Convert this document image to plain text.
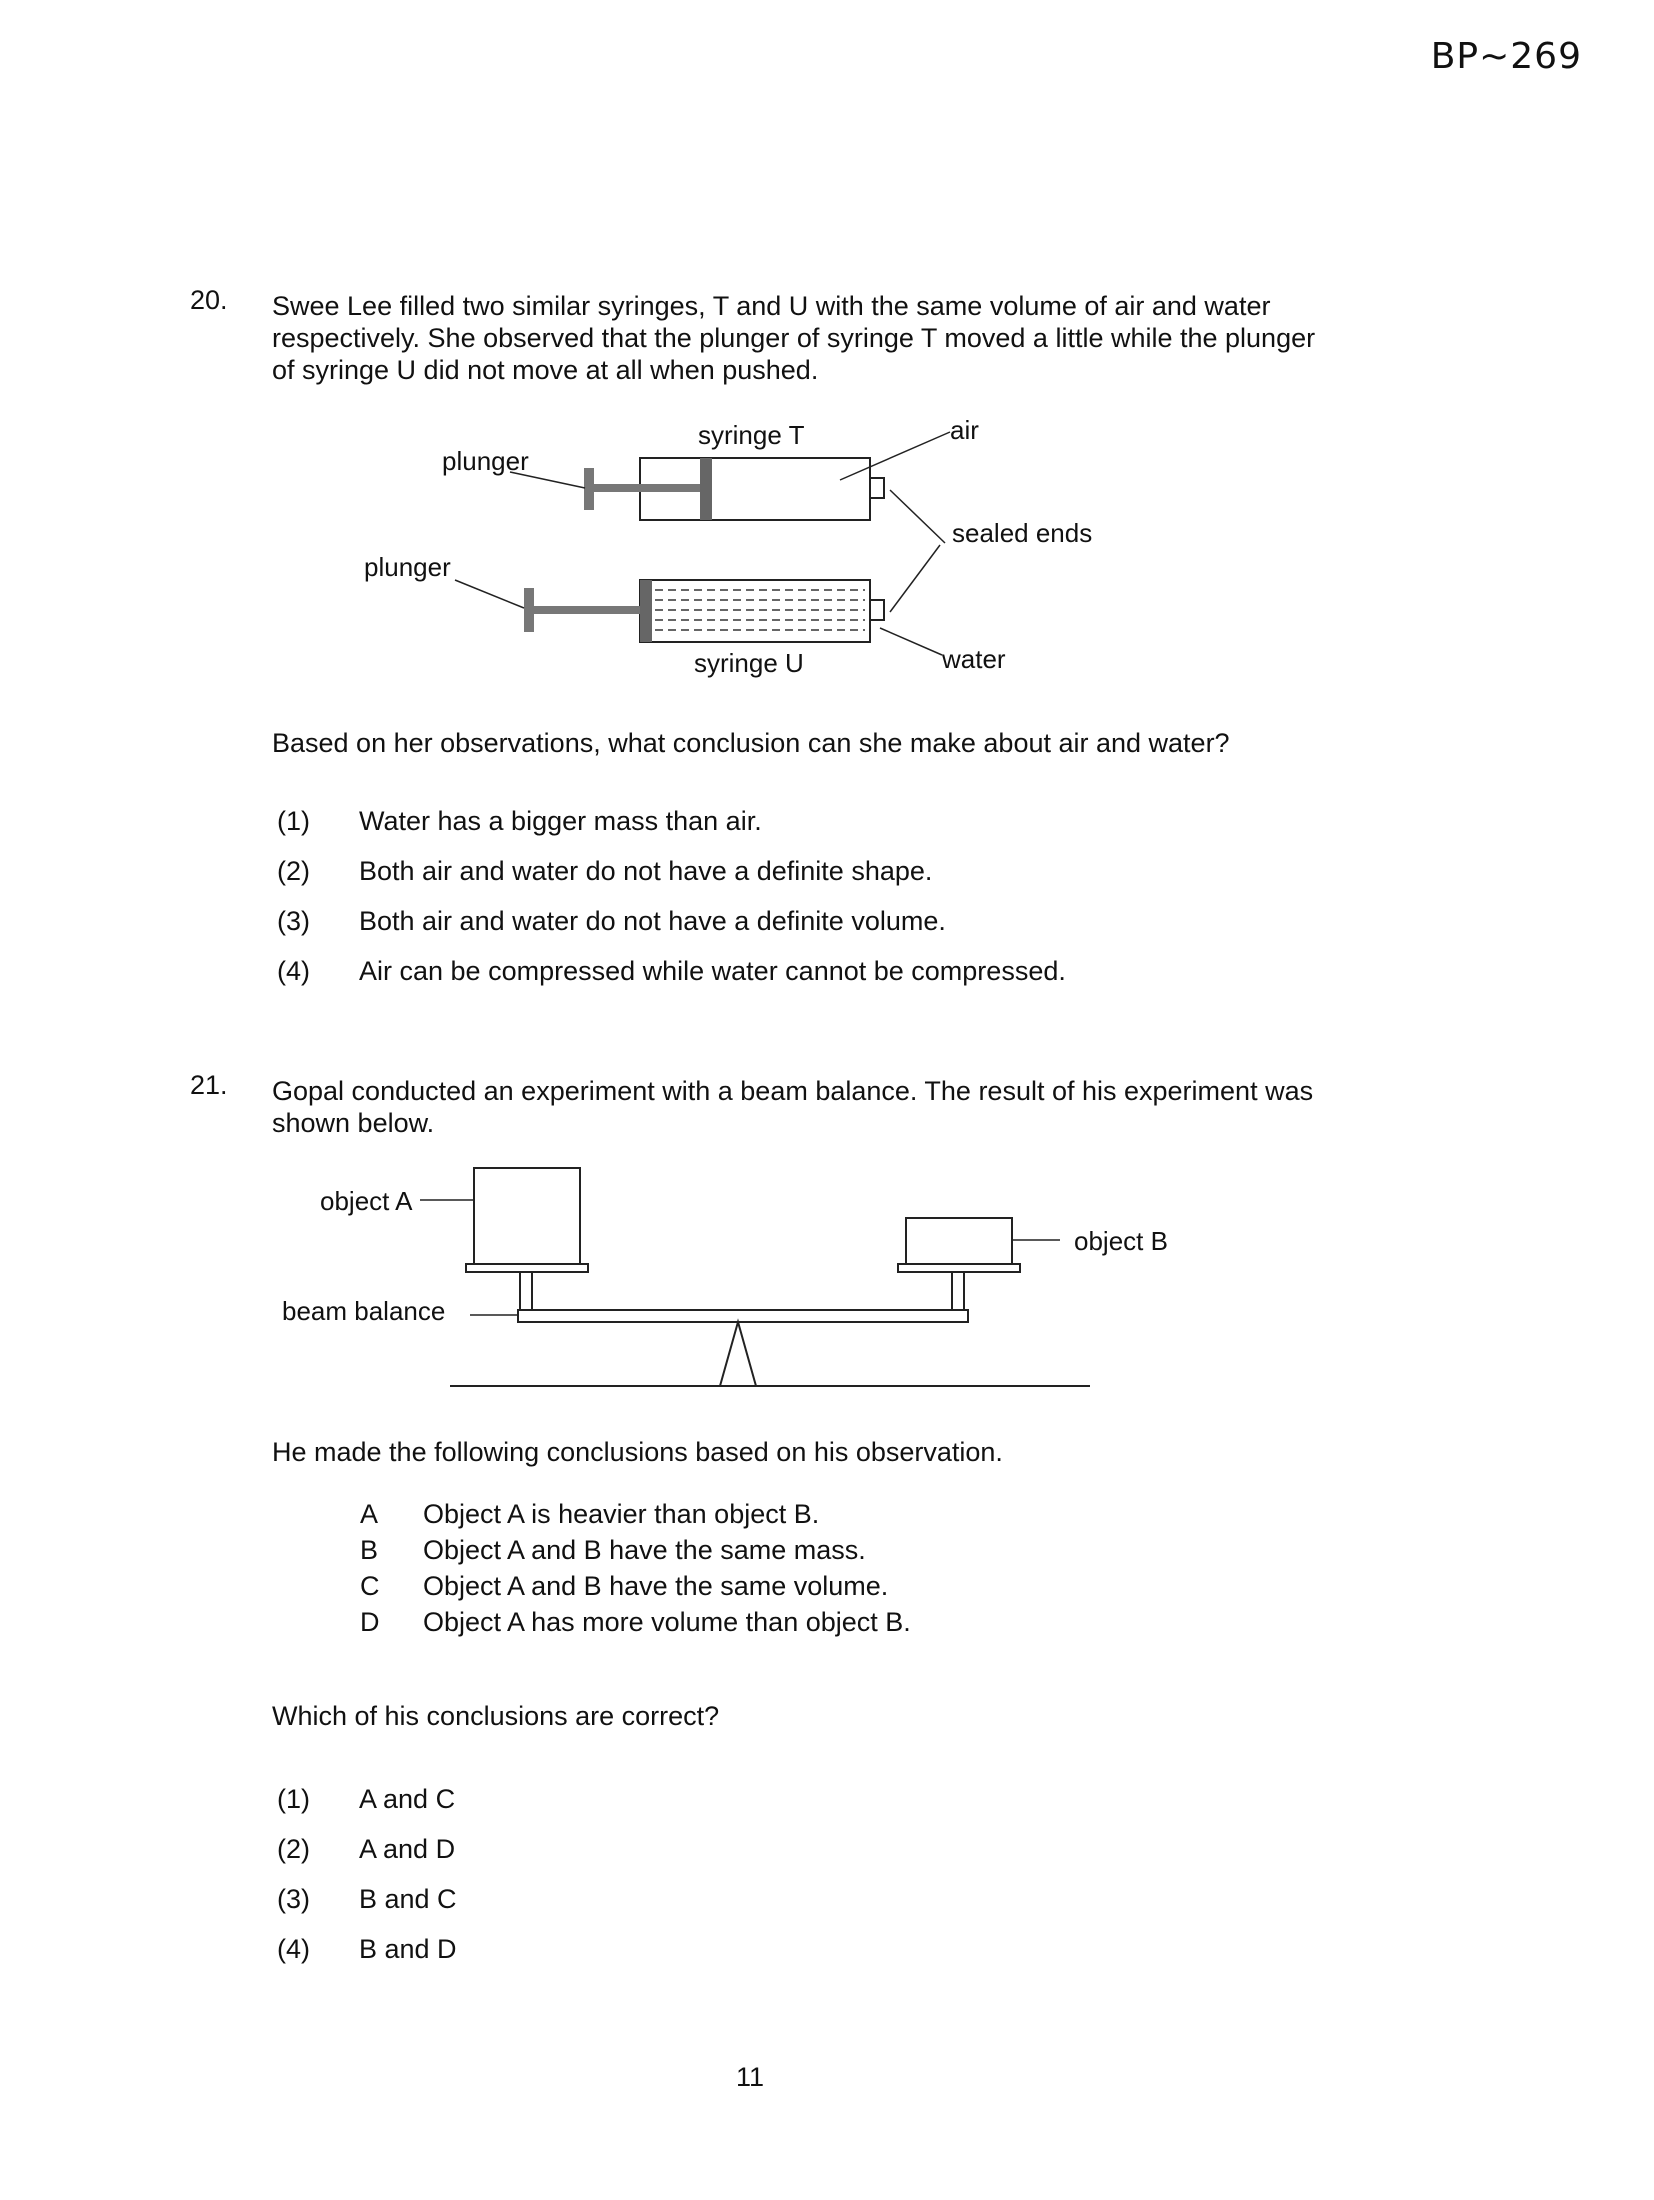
BP~269
20. Swee Lee filled two similar syringes, T and U with the same volume of air and water respectively. She observed that the plunger of syringe T moved a little while the plunger of syringe U did not move at all when pushed.
plunger
syringe T	air
sealed ends
plunger
syringe U	water
Based on her observations, what conclusion can she make about air and water?
(1) Water has a bigger mass than air.
(2) Both air and water do not have a definite shape.
(3) Both air and water do not have a definite volume.
(4) Air can be compressed while water cannot be compressed.
21. Gopal conducted an experiment with a beam balance. The result of his experiment was shown below.
object A
object B
beam balance
He made the following conclusions based on his observation.
A Object A is heavier than object B.
B Object A and B have the same mass.
C Object A and B have the same volume.
D Object A has more volume than object B.
Which of his conclusions are correct?
(1) A and C
(2) A and D
(3) B and C
(4) B and D
11
